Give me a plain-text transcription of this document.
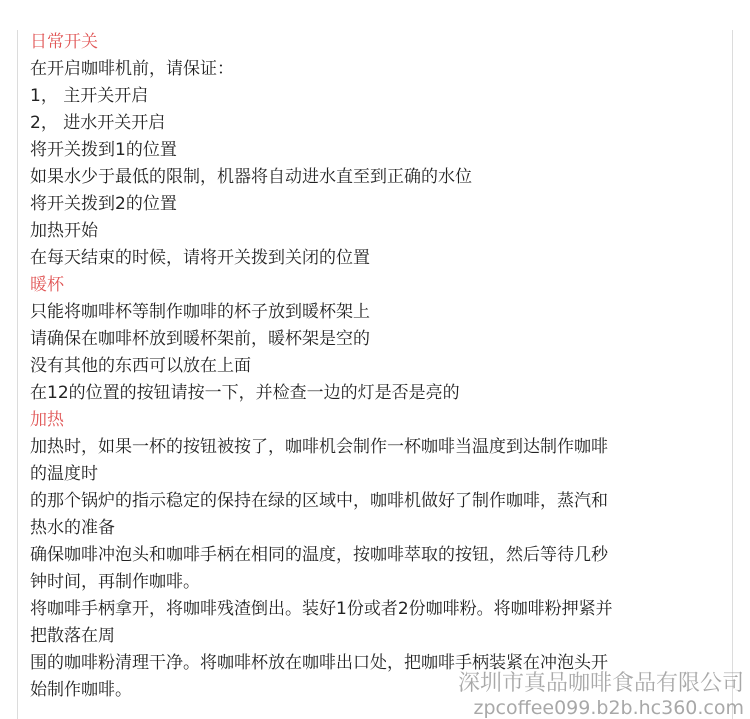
日常开关
在开启咖啡机前，请保证：
1， 主开关开启
2， 进水开关开启
将开关拨到1的位置
如果水少于最低的限制，机器将自动进水直至到正确的水位
将开关拨到2的位置
加热开始
在每天结束的时候，请将开关拨到关闭的位置
暖杯
只能将咖啡杯等制作咖啡的杯子放到暖杯架上
请确保在咖啡杯放到暖杯架前，暖杯架是空的
没有其他的东西可以放在上面
在12的位置的按钮请按一下，并检查一边的灯是否是亮的
加热
加热时，如果一杯的按钮被按了，咖啡机会制作一杯咖啡当温度到达制作咖啡
的温度时
的那个锅炉的指示稳定的保持在绿的区域中，咖啡机做好了制作咖啡，蒸汽和
热水的准备
确保咖啡冲泡头和咖啡手柄在相同的温度，按咖啡萃取的按钮，然后等待几秒
钟时间，再制作咖啡。
将咖啡手柄拿开，将咖啡残渣倒出。装好1份或者2份咖啡粉。将咖啡粉押紧并
把散落在周
围的咖啡粉清理干净。将咖啡杯放在咖啡出口处，把咖啡手柄装紧在冲泡头开
始制作咖啡。	深圳市真品咖啡食品有限公司
zpcoffee099.b2b.hc360.com
